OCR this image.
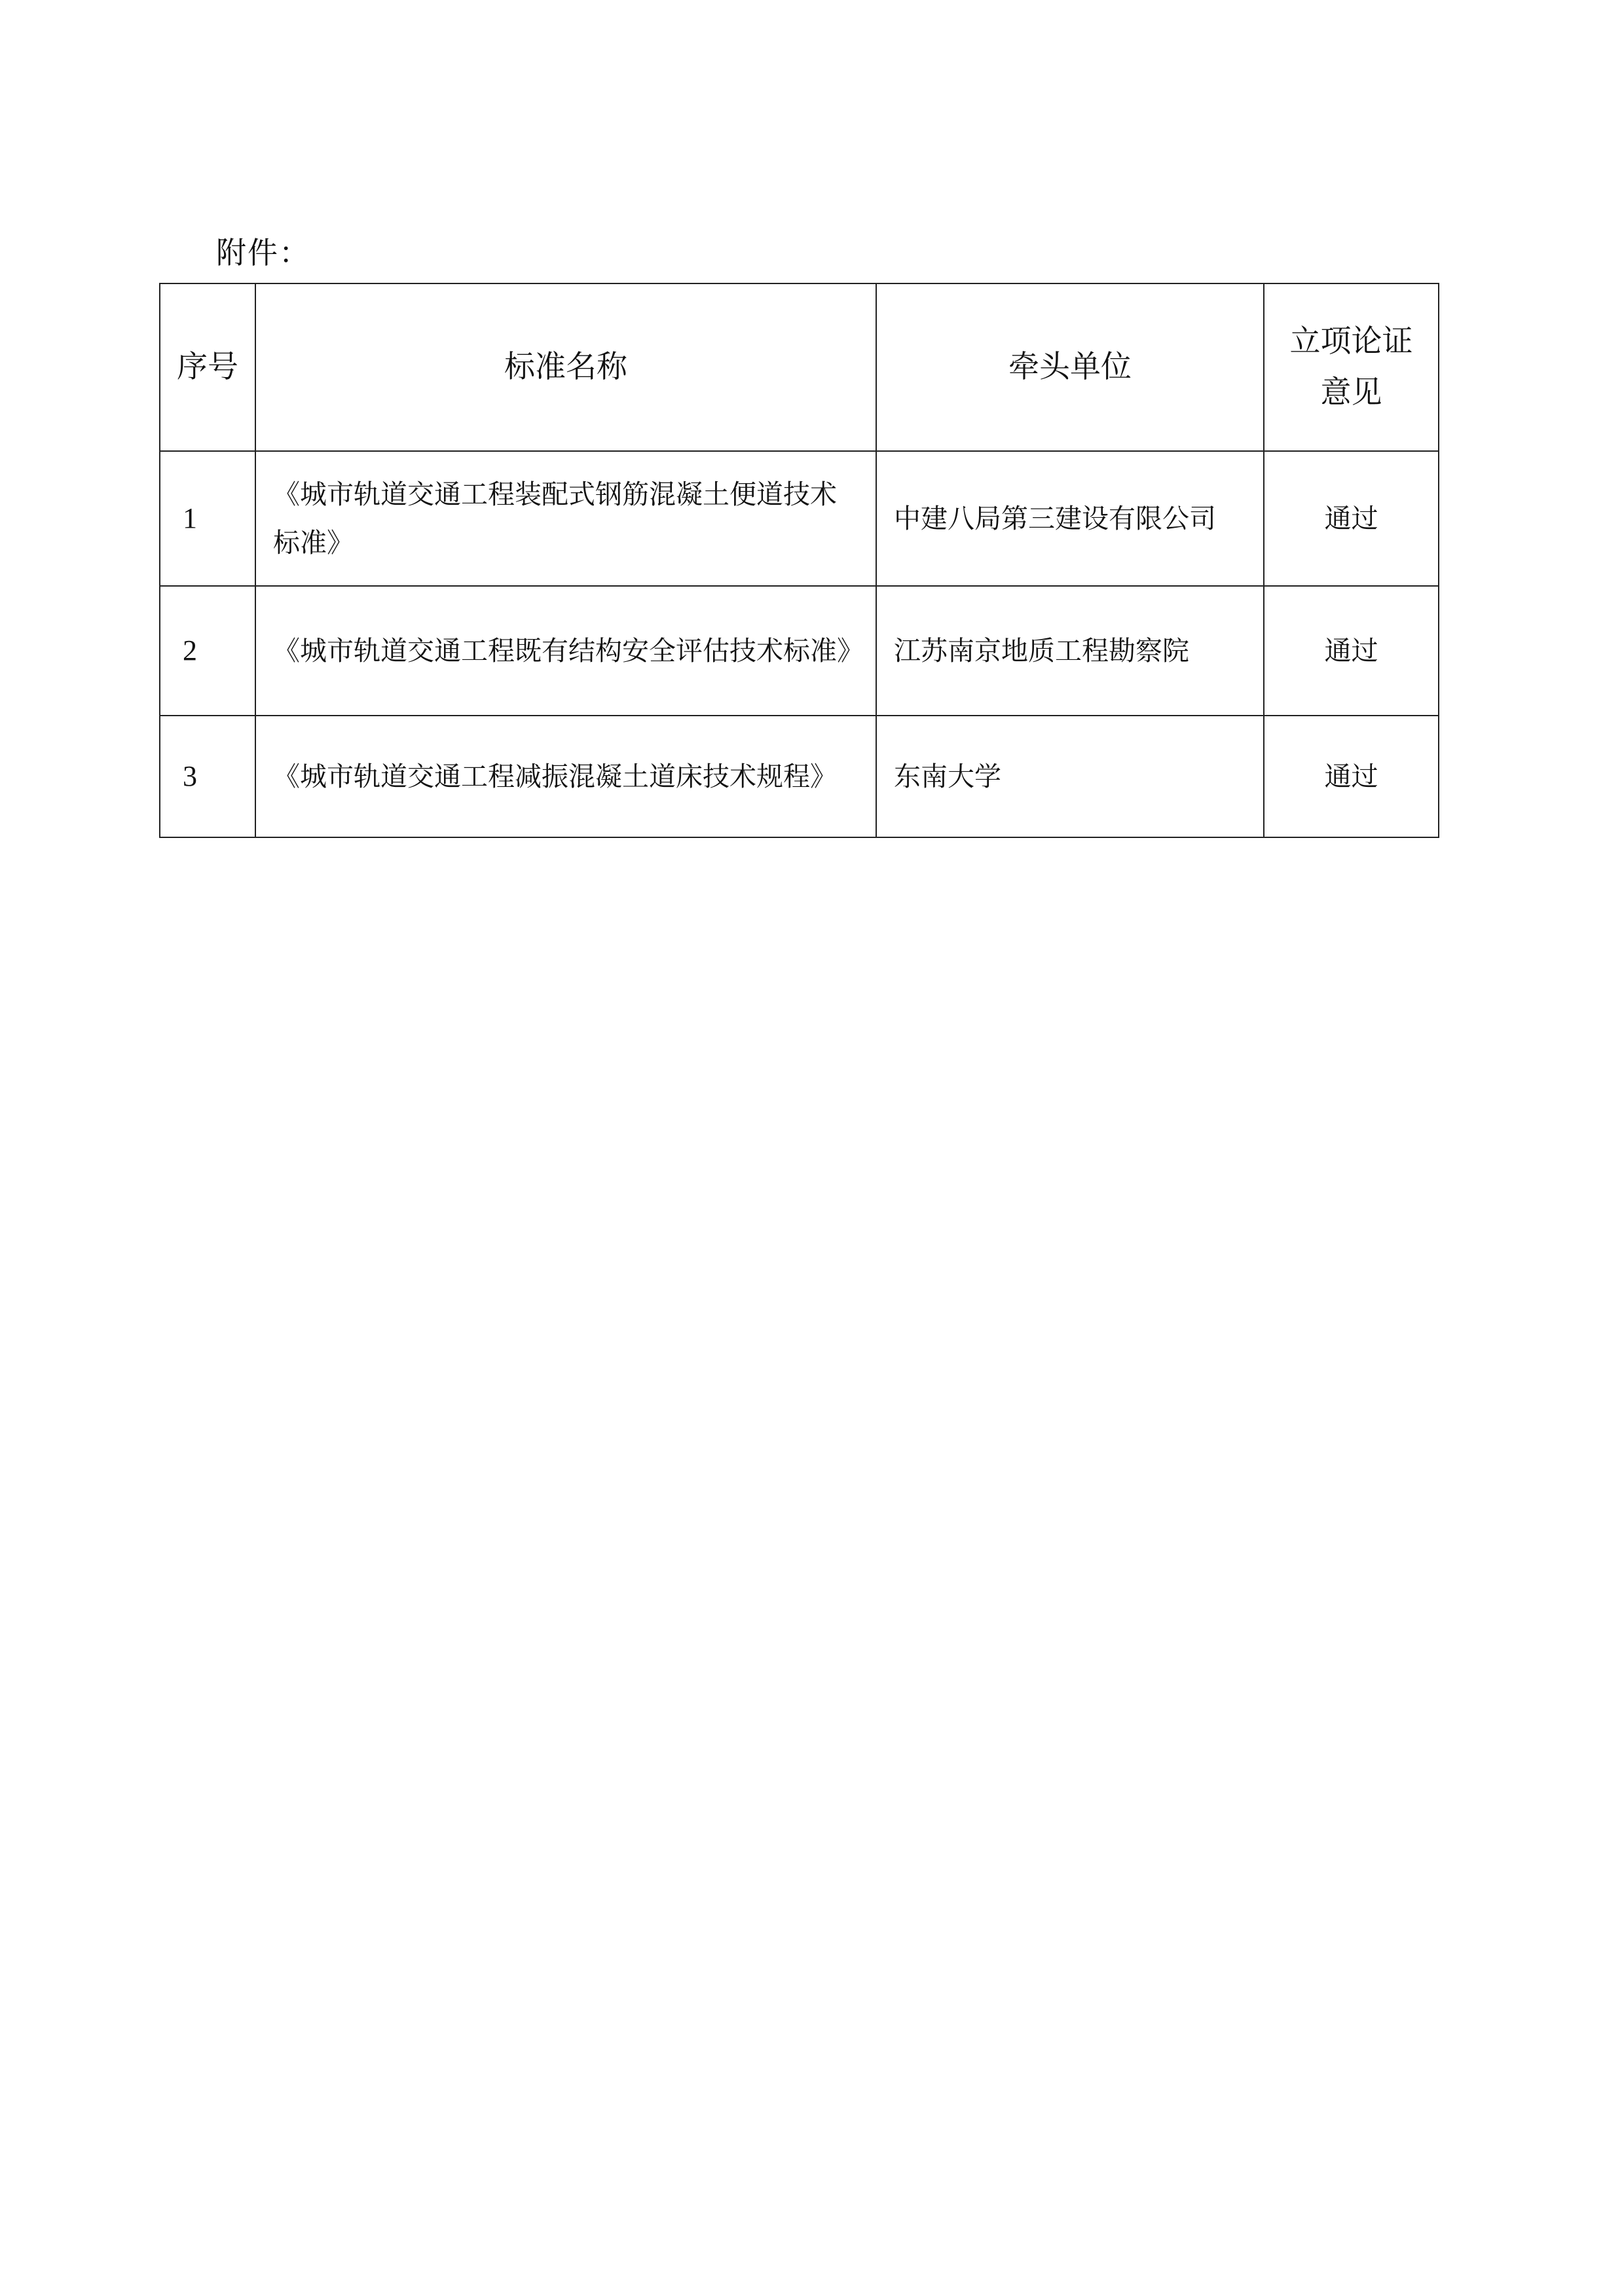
附件：
序号	标准名称	牵头单位	立项论证意见

1	《城市轨道交通工程装配式钢筋混凝土便道技术标准》	中建八局第三建设有限公司	通过
2	《城市轨道交通工程既有结构安全评估技术标准》	江苏南京地质工程勘察院	通过
3	《城市轨道交通工程减振混凝土道床技术规程》	东南大学	通过
